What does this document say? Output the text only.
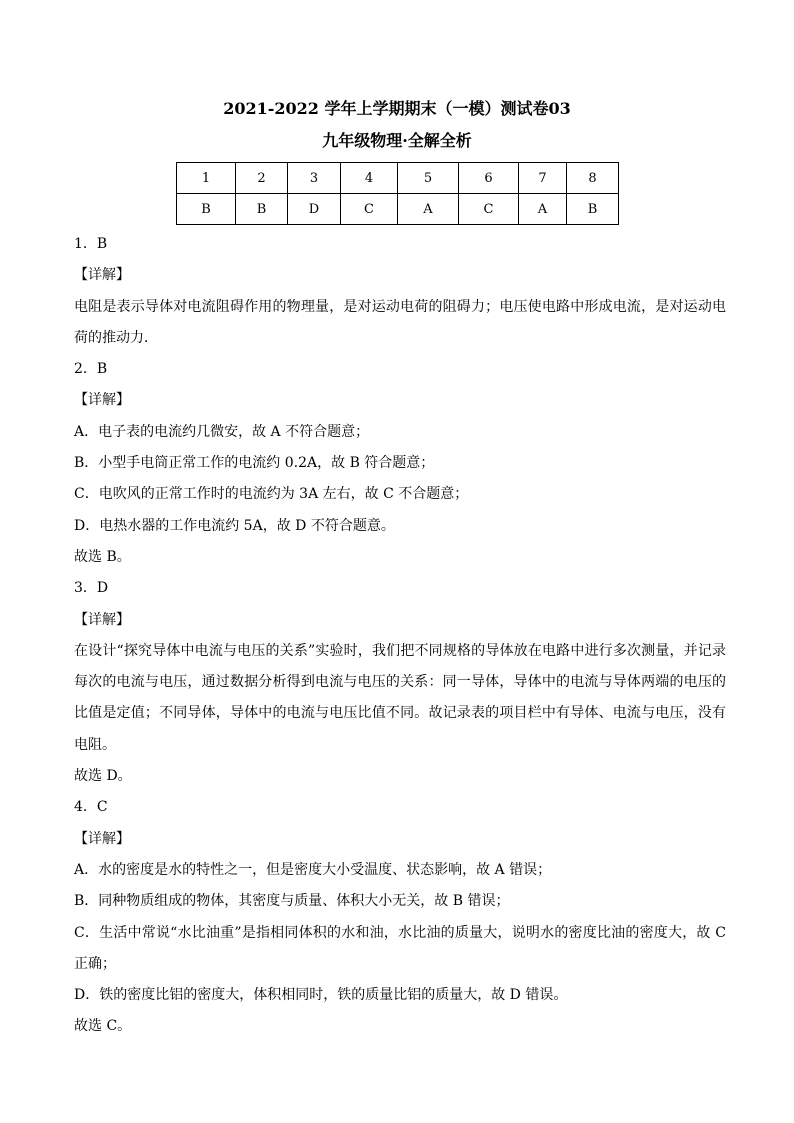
2021-2022 学年上学期期末（一模）测试卷03
九年级物理·全解全析
1	2	3	4	5	6	7	8
B	B	D	C	A	C	A	B

1．B

【详解】

电阻是表示导体对电流阻碍作用的物理量，是对运动电荷的阻碍力；电压使电路中形成电流，是对运动电荷的推动力．

2．B

【详解】

A．电子表的电流约几微安，故 A 不符合题意；

B．小型手电筒正常工作的电流约 0.2A，故 B 符合题意；

C．电吹风的正常工作时的电流约为 3A 左右，故 C 不合题意；

D．电热水器的工作电流约 5A，故 D 不符合题意。

故选 B。

3．D

【详解】

在设计“探究导体中电流与电压的关系”实验时，我们把不同规格的导体放在电路中进行多次测量，并记录每次的电流与电压，通过数据分析得到电流与电压的关系：同一导体，导体中的电流与导体两端的电压的比值是定值；不同导体，导体中的电流与电压比值不同。故记录表的项目栏中有导体、电流与电压，没有电阻。

故选 D。

4．C

【详解】

A．水的密度是水的特性之一，但是密度大小受温度、状态影响，故 A 错误；

B．同种物质组成的物体，其密度与质量、体积大小无关，故 B 错误；

C．生活中常说“水比油重”是指相同体积的水和油，水比油的质量大，说明水的密度比油的密度大，故 C 正确；

D．铁的密度比铝的密度大，体积相同时，铁的质量比铝的质量大，故 D 错误。

故选 C。
